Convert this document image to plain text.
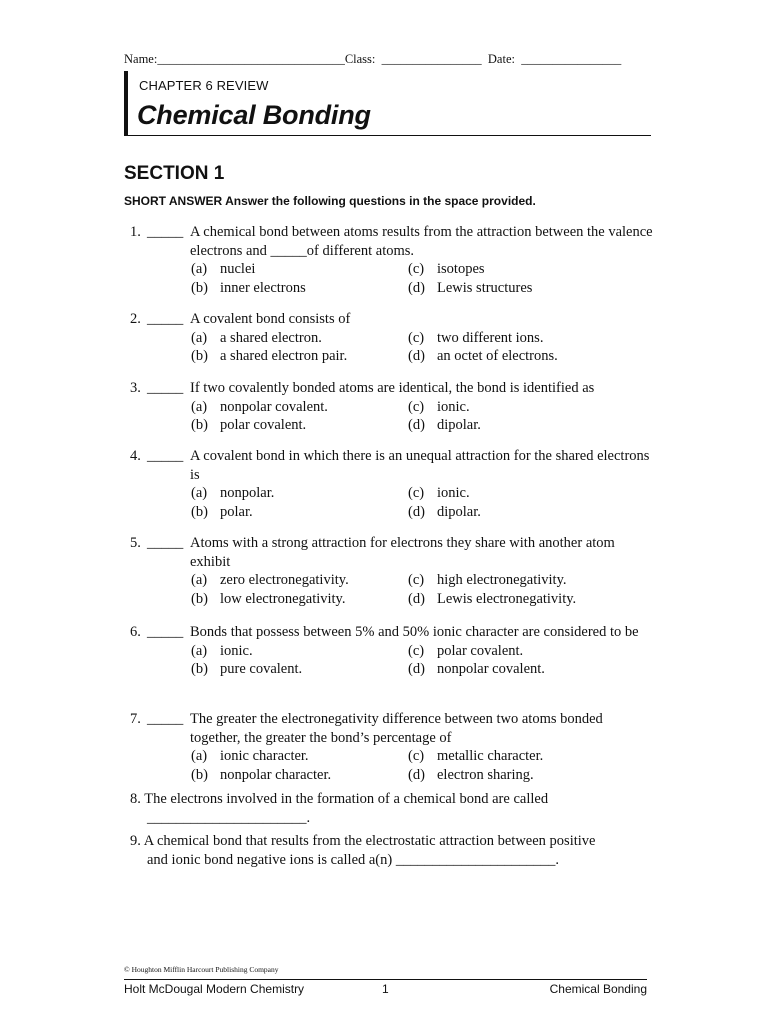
Name:______________________________Class: ________________ Date: ________________
CHAPTER 6 REVIEW
Chemical Bonding
SECTION 1
SHORT ANSWER Answer the following questions in the space provided.
1. _____ A chemical bond between atoms results from the attraction between the valence electrons and _____of different atoms.
(a) nuclei	(c) isotopes
(b) inner electrons	(d) Lewis structures
2. _____ A covalent bond consists of
(a) a shared electron.	(c) two different ions.
(b) a shared electron pair.	(d) an octet of electrons.
3. _____ If two covalently bonded atoms are identical, the bond is identified as
(a) nonpolar covalent.	(c) ionic.
(b) polar covalent.	(d) dipolar.
4. _____ A covalent bond in which there is an unequal attraction for the shared electrons is
(a) nonpolar.	(c) ionic.
(b) polar.	(d) dipolar.
5. _____ Atoms with a strong attraction for electrons they share with another atom exhibit
(a) zero electronegativity.	(c) high electronegativity.
(b) low electronegativity.	(d) Lewis electronegativity.
6. _____ Bonds that possess between 5% and 50% ionic character are considered to be
(a) ionic.	(c) polar covalent.
(b) pure covalent.	(d) nonpolar covalent.
7. _____ The greater the electronegativity difference between two atoms bonded together, the greater the bond’s percentage of
(a) ionic character.	(c) metallic character.
(b) nonpolar character.	(d) electron sharing.
8. The electrons involved in the formation of a chemical bond are called
______________________.
9. A chemical bond that results from the electrostatic attraction between positive
and ionic bond negative ions is called a(n) ______________________.
© Houghton Mifflin Harcourt Publishing Company
Holt McDougal Modern Chemistry	1	Chemical Bonding
